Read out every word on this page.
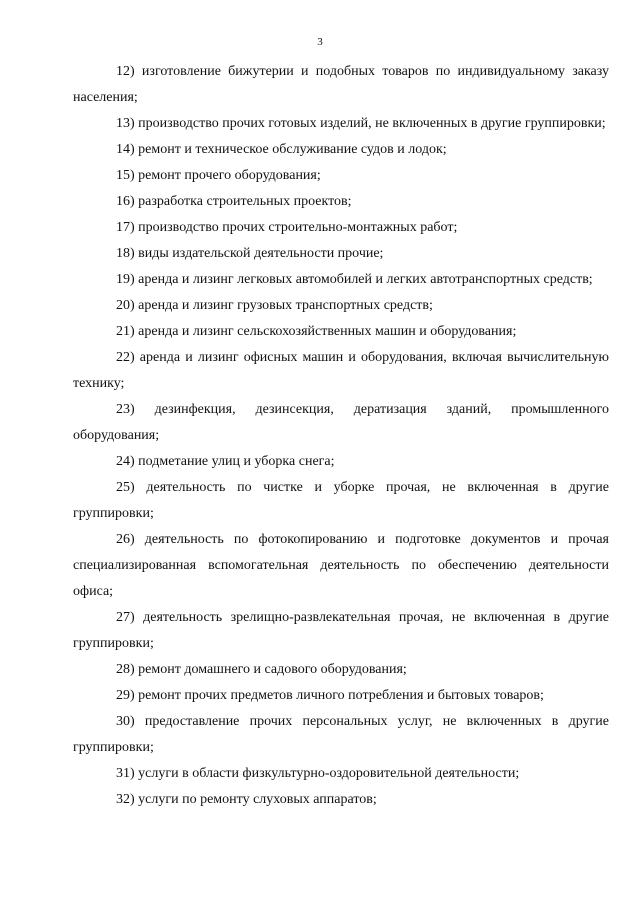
3

12) изготовление бижутерии и подобных товаров по индивидуальному заказу населения;

13) производство прочих готовых изделий, не включенных в другие группировки;

14) ремонт и техническое обслуживание судов и лодок;

15) ремонт прочего оборудования;

16) разработка строительных проектов;

17) производство прочих строительно-монтажных работ;

18) виды издательской деятельности прочие;

19) аренда и лизинг легковых автомобилей и легких автотранспортных средств;

20) аренда и лизинг грузовых транспортных средств;

21) аренда и лизинг сельскохозяйственных машин и оборудования;

22) аренда и лизинг офисных машин и оборудования, включая вычислительную технику;

23) дезинфекция, дезинсекция, дератизация зданий, промышленного оборудования;

24) подметание улиц и уборка снега;

25) деятельность по чистке и уборке прочая, не включенная в другие группировки;

26) деятельность по фотокопированию и подготовке документов и прочая специализированная вспомогательная деятельность по обеспечению деятельности офиса;

27) деятельность зрелищно-развлекательная прочая, не включенная в другие группировки;

28) ремонт домашнего и садового оборудования;

29) ремонт прочих предметов личного потребления и бытовых товаров;

30) предоставление прочих персональных услуг, не включенных в другие группировки;

31) услуги в области физкультурно-оздоровительной деятельности;

32) услуги по ремонту слуховых аппаратов;
